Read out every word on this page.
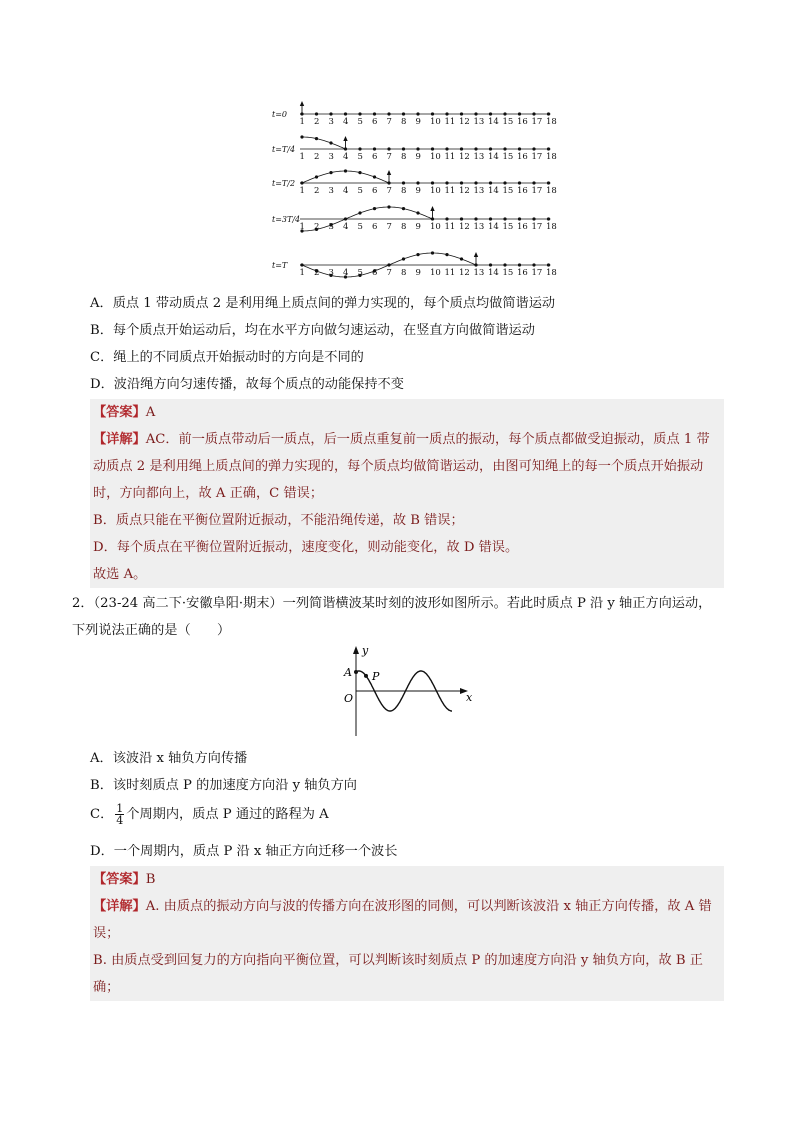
1 2 3 4 5 6 7 8 9 10 11 12 13 14 15 16 17 18
t=0
1 2 3 4 5 6 7 8 9 10 11 12 13 14 15 16 17 18
t=T/4
1 2 3 4 5 6 7 8 9 10 11 12 13 14 15 16 17 18
t=T/2
1 2 3 4 5 6 7 8 9 10 11 12 13 14 15 16 17 18
t=3T/4
1 2 3 4 5 6 7 8 9 10 11 12 13 14 15 16 17 18
t=T
A．质点 1 带动质点 2 是利用绳上质点间的弹力实现的，每个质点均做简谐运动
B．每个质点开始运动后，均在水平方向做匀速运动，在竖直方向做简谐运动
C．绳上的不同质点开始振动时的方向是不同的
D．波沿绳方向匀速传播，故每个质点的动能保持不变
【答案】A
【详解】AC．前一质点带动后一质点，后一质点重复前一质点的振动，每个质点都做受迫振动，质点 1 带动质点 2 是利用绳上质点间的弹力实现的，每个质点均做简谐运动，由图可知绳上的每一个质点开始振动时，方向都向上，故 A 正确，C 错误；
B．质点只能在平衡位置附近振动，不能沿绳传递，故 B 错误；
D．每个质点在平衡位置附近振动，速度变化，则动能变化，故 D 错误。
故选 A。
2．（23-24 高二下·安徽阜阳·期末）一列简谐横波某时刻的波形如图所示。若此时质点 P 沿 y 轴正方向运动，下列说法正确的是（　　）
y
x
O
A P
A．该波沿 x 轴负方向传播
B．该时刻质点 P 的加速度方向沿 y 轴负方向
C． $\frac{1}{4}$ 个周期内，质点 P 通过的路程为 A
D．一个周期内，质点 P 沿 x 轴正方向迁移一个波长
【答案】B
【详解】A. 由质点的振动方向与波的传播方向在波形图的同侧，可以判断该波沿 x 轴正方向传播，故 A 错误；
B. 由质点受到回复力的方向指向平衡位置，可以判断该时刻质点 P 的加速度方向沿 y 轴负方向，故 B 正确；
